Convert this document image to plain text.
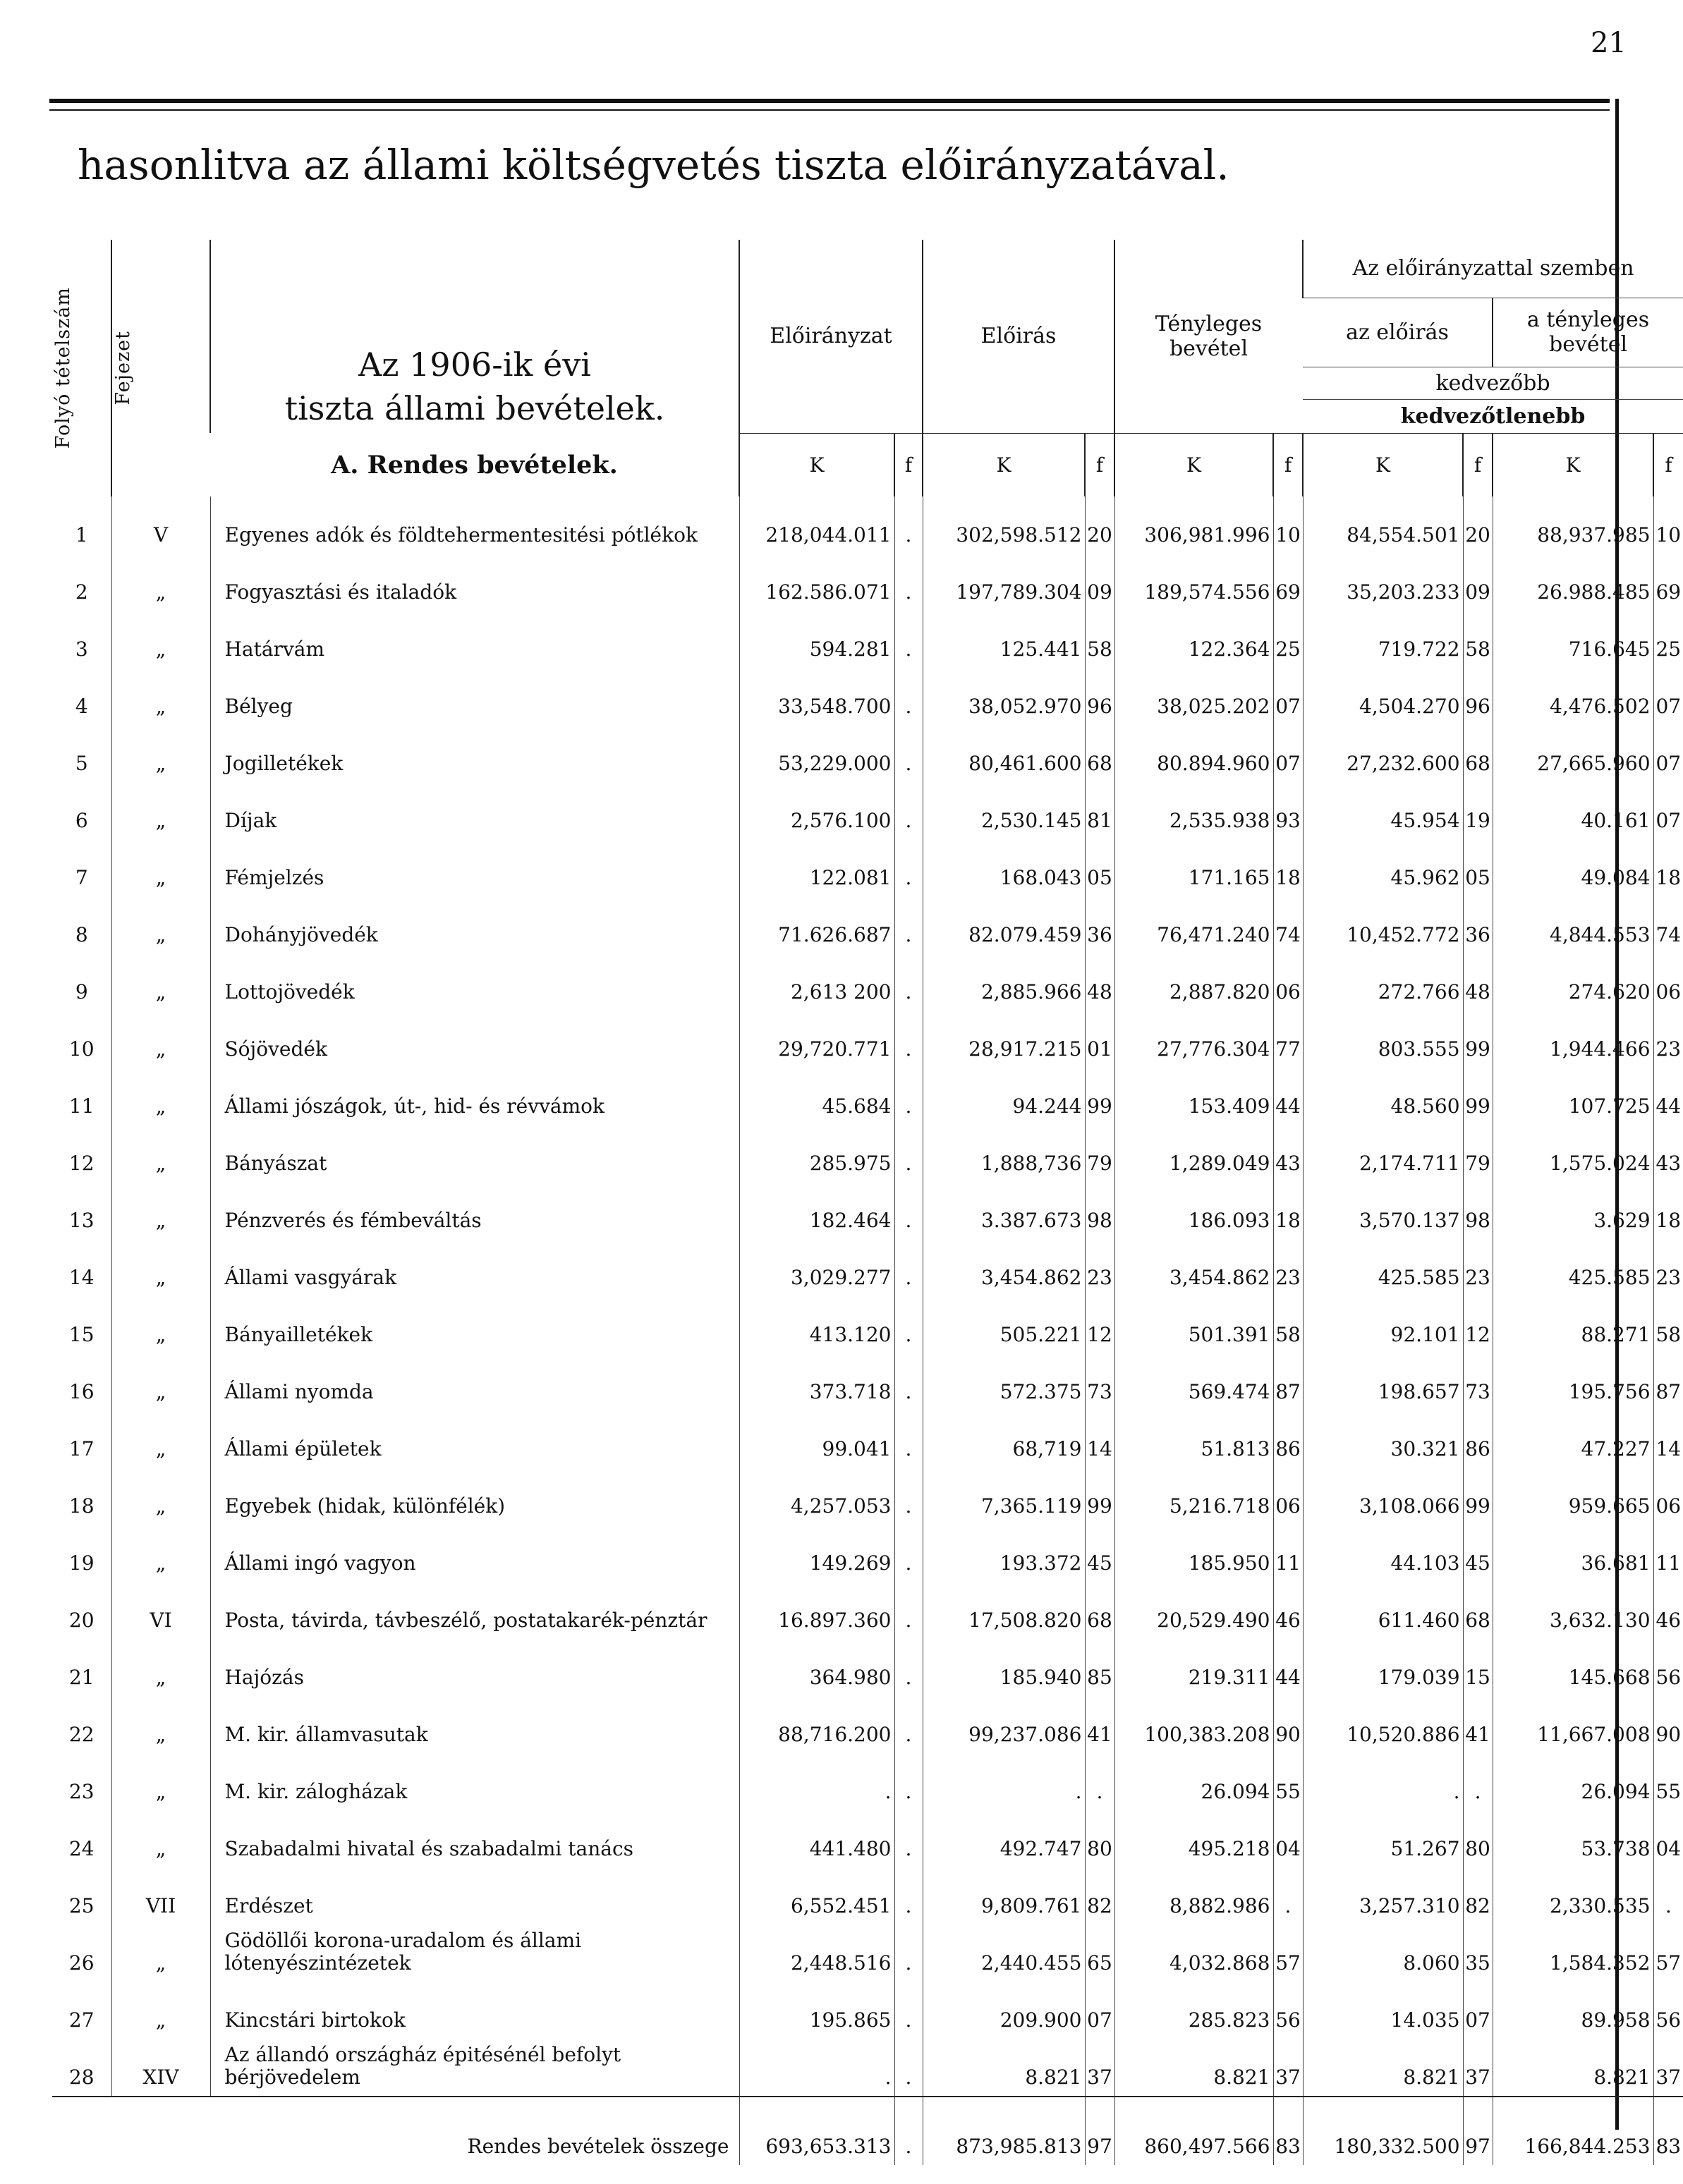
21
hasonlitva az állami költségvetés tiszta előirányzatával.
Folyó tételszám	Fejezet	Az 1906-ik évi
tiszta állami bevételek.	Előirányzat		Előirás		Tényleges bevétel		Az előirányzattal szemben			
									az előirás		a tényleges bevétel	
									kedvezőbb			
									kedvezőtlenebb			
		A. Rendes bevételek.	K	f	K	f	K	f	K	f	K	f
1	V	Egyenes adók és földtehermentesitési pótlékok	218,044.011	.	302,598.512	20	306,981.996	10	84,554.501	20	88,937.985	10
2	„	Fogyasztási és italadók	162.586.071	.	197,789.304	09	189,574.556	69	35,203.233	09	26.988.485	69
3	„	Határvám	594.281	.	125.441	58	122.364	25	719.722	58	716.645	25
4	„	Bélyeg	33,548.700	.	38,052.970	96	38,025.202	07	4,504.270	96	4,476.502	07
5	„	Jogilletékek	53,229.000	.	80,461.600	68	80.894.960	07	27,232.600	68	27,665.960	07
6	„	Díjak	2,576.100	.	2,530.145	81	2,535.938	93	45.954	19	40.161	07
7	„	Fémjelzés	122.081	.	168.043	05	171.165	18	45.962	05	49.084	18
8	„	Dohányjövedék	71.626.687	.	82.079.459	36	76,471.240	74	10,452.772	36	4,844.553	74
9	„	Lottojövedék	2,613 200	.	2,885.966	48	2,887.820	06	272.766	48	274.620	06
10	„	Sójövedék	29,720.771	.	28,917.215	01	27,776.304	77	803.555	99	1,944.466	23
11	„	Állami jószágok, út-, hid- és révvámok	45.684	.	94.244	99	153.409	44	48.560	99	107.725	44
12	„	Bányászat	285.975	.	1,888,736	79	1,289.049	43	2,174.711	79	1,575.024	43
13	„	Pénzverés és fémbeváltás	182.464	.	3.387.673	98	186.093	18	3,570.137	98	3.629	18
14	„	Állami vasgyárak	3,029.277	.	3,454.862	23	3,454.862	23	425.585	23	425.585	23
15	„	Bányailletékek	413.120	.	505.221	12	501.391	58	92.101	12	88.271	58
16	„	Állami nyomda	373.718	.	572.375	73	569.474	87	198.657	73	195.756	87
17	„	Állami épületek	99.041	.	68,719	14	51.813	86	30.321	86	47.227	14
18	„	Egyebek (hidak, különfélék)	4,257.053	.	7,365.119	99	5,216.718	06	3,108.066	99	959.665	06
19	„	Állami ingó vagyon	149.269	.	193.372	45	185.950	11	44.103	45	36.681	11
20	VI	Posta, távirda, távbeszélő, postatakarék-pénztár	16.897.360	.	17,508.820	68	20,529.490	46	611.460	68	3,632.130	46
21	„	Hajózás	364.980	.	185.940	85	219.311	44	179.039	15	145.668	56
22	„	M. kir. államvasutak	88,716.200	.	99,237.086	41	100,383.208	90	10,520.886	41	11,667.008	90
23	„	M. kir. zálogházak	.	.	.	.	26.094	55	.	.	26.094	55
24	„	Szabadalmi hivatal és szabadalmi tanács	441.480	.	492.747	80	495.218	04	51.267	80	53.738	04
25	VII	Erdészet	6,552.451	.	9,809.761	82	8,882.986	.	3,257.310	82	2,330.535	.
26	„	Gödöllői korona-uradalom és állami lótenyészintézetek	2,448.516	.	2,440.455	65	4,032.868	57	8.060	35	1,584.352	57
27	„	Kincstári birtokok	195.865	.	209.900	07	285.823	56	14.035	07	89.958	56
28	XIV	Az állandó országház épitésénél befolyt bérjövedelem	.	.	8.821	37	8.821	37	8.821	37	8.821	37
Rendes bevételek összege			693,653.313	.	873,985.813	97	860,497.566	83	180,332.500	97	166,844.253	83
